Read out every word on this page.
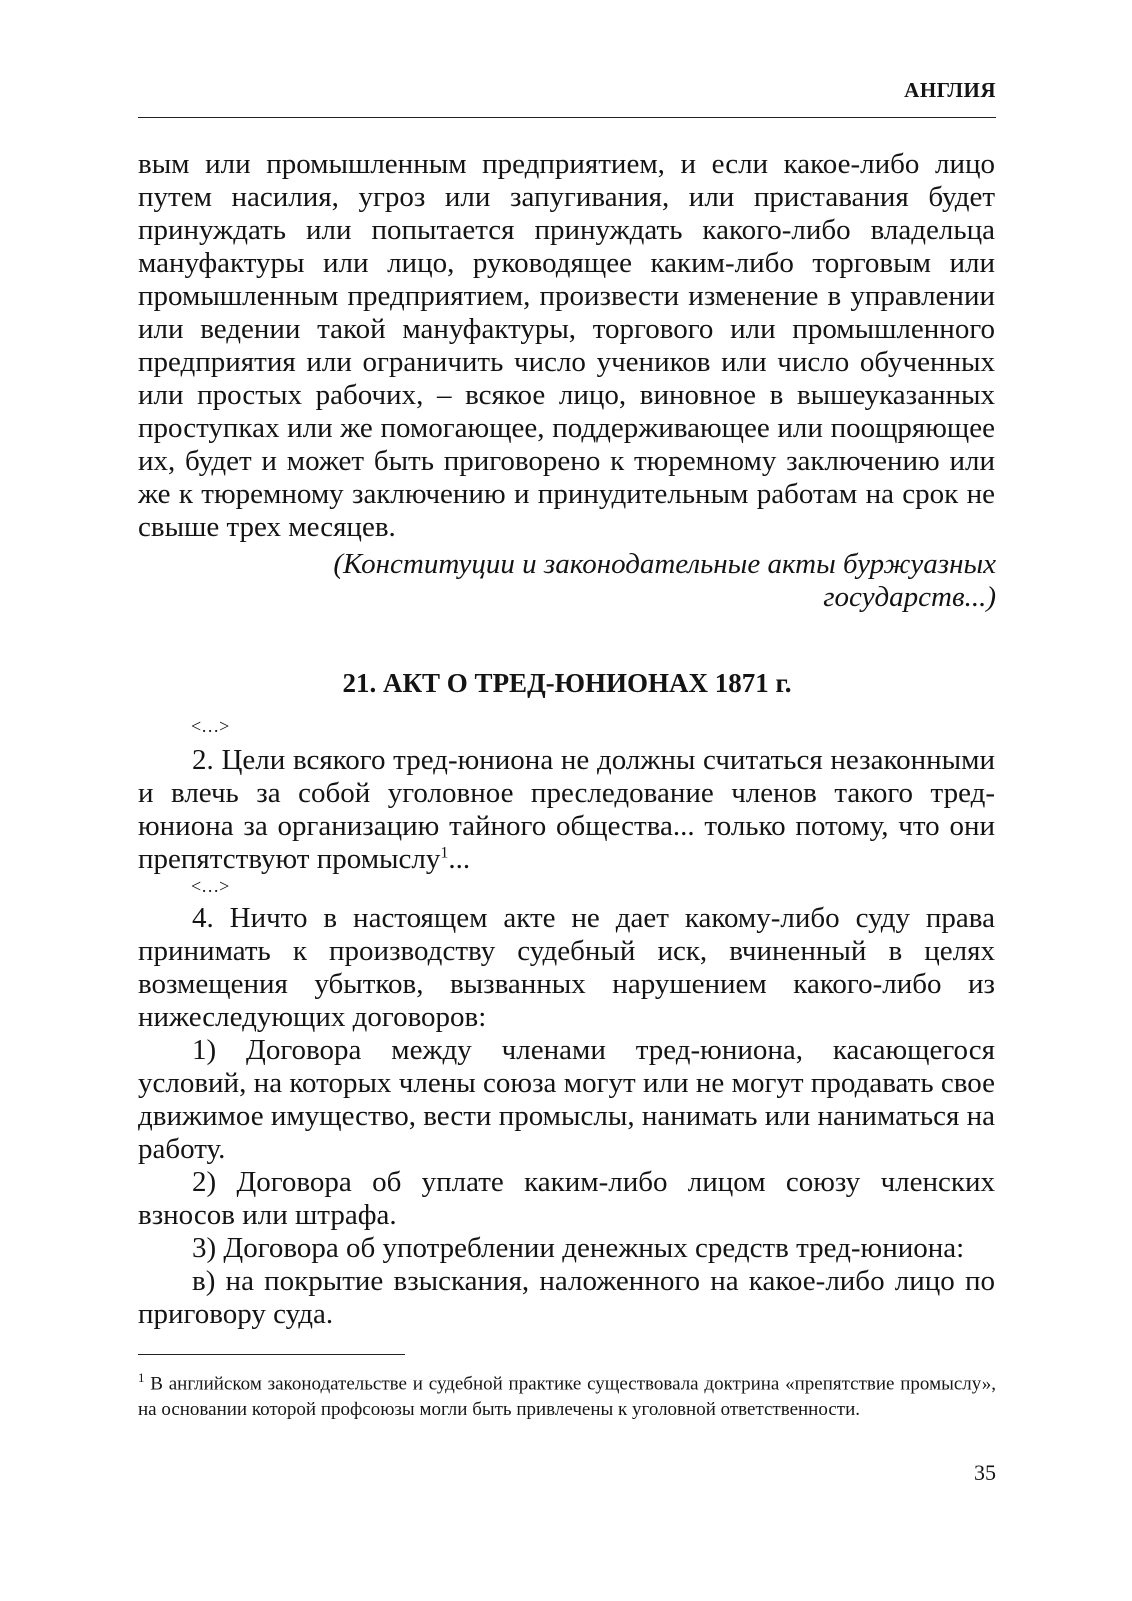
АНГЛИЯ

вым или промышленным предприятием, и если какое-либо лицо путем насилия, угроз или запугивания, или приставания будет принуждать или попытается принуждать какого-либо владельца мануфактуры или лицо, руководящее каким-либо торговым или промышленным предприятием, произвести изменение в управлении или ведении такой мануфактуры, торгового или промышленного предприятия или ограничить число учеников или число обученных или простых рабочих, – всякое лицо, виновное в вышеуказанных проступках или же помогающее, поддерживающее или поощряющее их, будет и может быть приговорено к тюремному заключению или же к тюремному заключению и принудительным работам на срок не свыше трех месяцев.

(Конституции и законодательные акты буржуазных государств...)
21. АКТ О ТРЕД-ЮНИОНАХ 1871 г.
<…>

2. Цели всякого тред-юниона не должны считаться незаконными и влечь за собой уголовное преследование членов такого тред-юниона за организацию тайного общества... только потому, что они препятствуют промыслу$^1$...

<…>

4. Ничто в настоящем акте не дает какому-либо суду права принимать к производству судебный иск, вчиненный в целях возмещения убытков, вызванных нарушением какого-либо из нижеследующих договоров:

1) Договора между членами тред-юниона, касающегося условий, на которых члены союза могут или не могут продавать свое движимое имущество, вести промыслы, нанимать или наниматься на работу.

2) Договора об уплате каким-либо лицом союзу членских взносов или штрафа.

3) Договора об употреблении денежных средств тред-юниона:

в) на покрытие взыскания, наложенного на какое-либо лицо по приговору суда.

$^1$ В английском законодательстве и судебной практике существовала доктрина «препятствие промыслу», на основании которой профсоюзы могли быть привлечены к уголовной ответственности.
35
